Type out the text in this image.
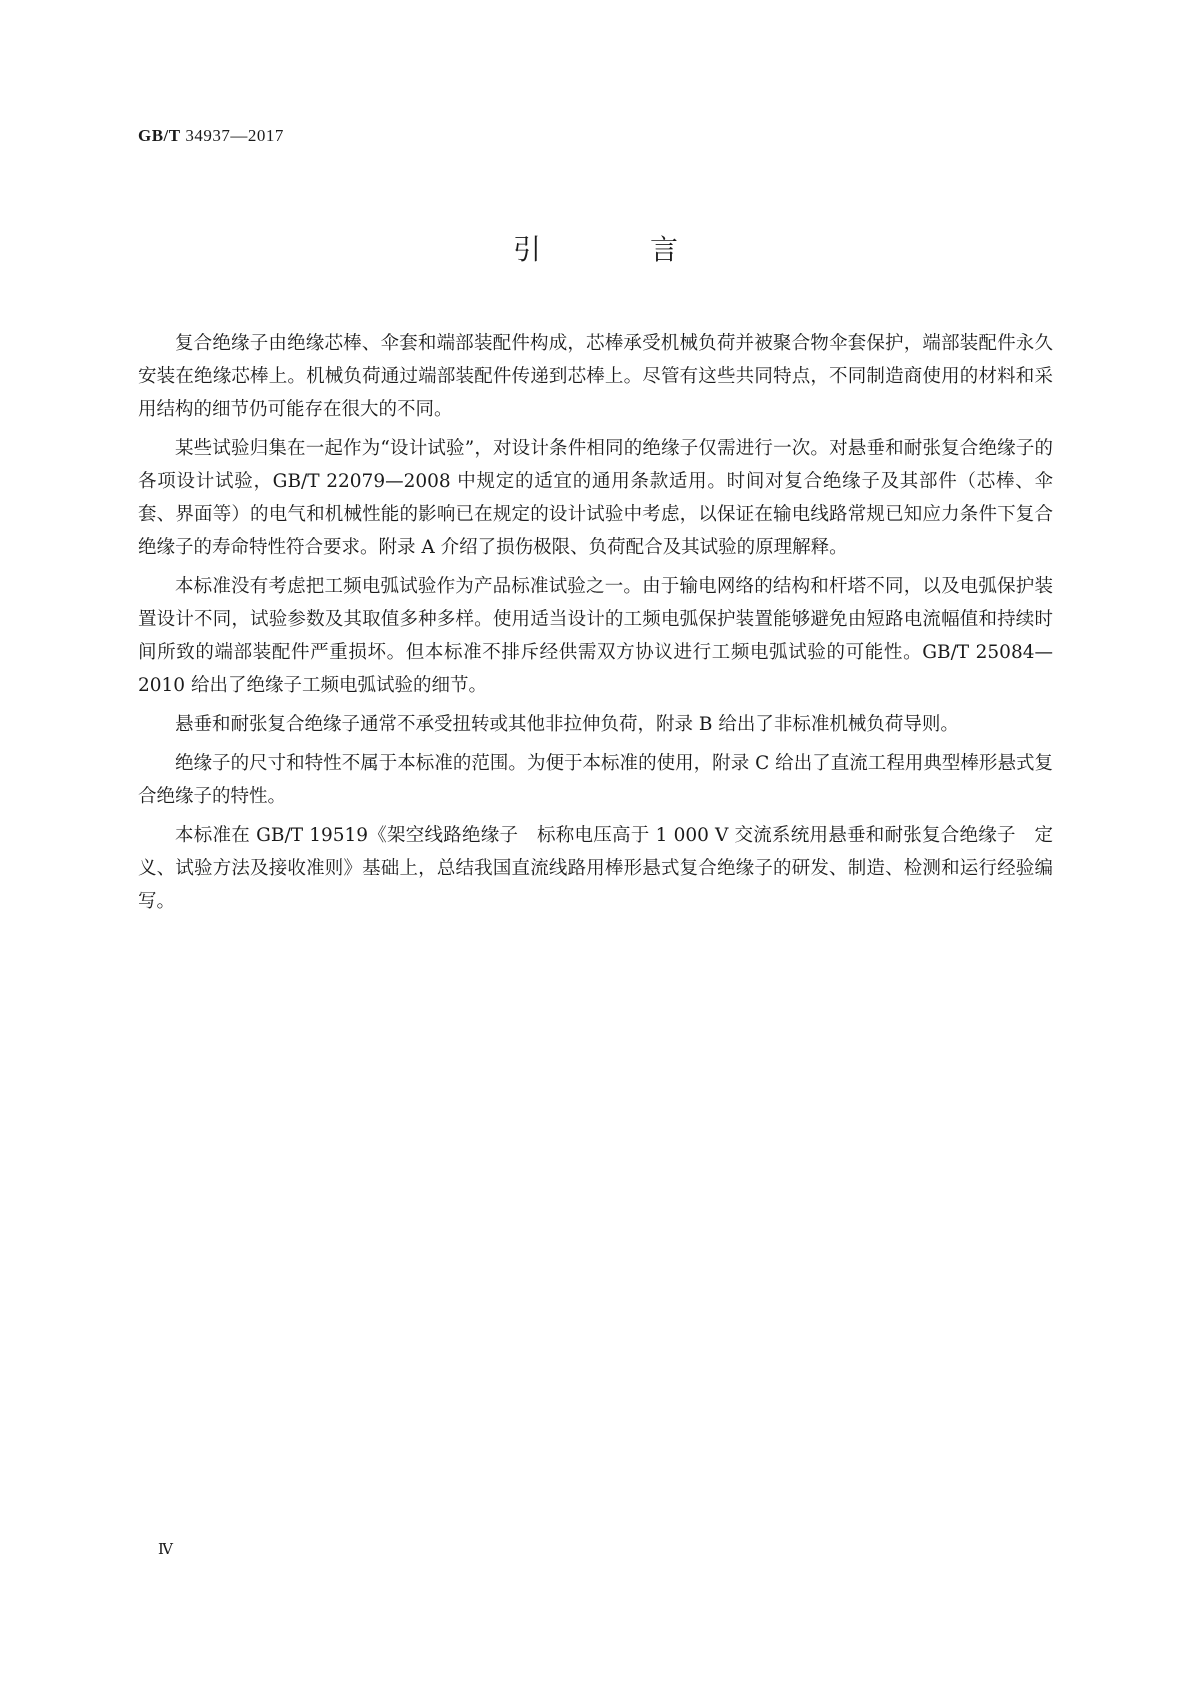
GB/T 34937—2017
引 言

复合绝缘子由绝缘芯棒、伞套和端部装配件构成，芯棒承受机械负荷并被聚合物伞套保护，端部装配件永久安装在绝缘芯棒上。机械负荷通过端部装配件传递到芯棒上。尽管有这些共同特点，不同制造商使用的材料和采用结构的细节仍可能存在很大的不同。

某些试验归集在一起作为“设计试验”，对设计条件相同的绝缘子仅需进行一次。对悬垂和耐张复合绝缘子的各项设计试验，GB/T 22079—2008 中规定的适宜的通用条款适用。时间对复合绝缘子及其部件（芯棒、伞套、界面等）的电气和机械性能的影响已在规定的设计试验中考虑，以保证在输电线路常规已知应力条件下复合绝缘子的寿命特性符合要求。附录 A 介绍了损伤极限、负荷配合及其试验的原理解释。

本标准没有考虑把工频电弧试验作为产品标准试验之一。由于输电网络的结构和杆塔不同，以及电弧保护装置设计不同，试验参数及其取值多种多样。使用适当设计的工频电弧保护装置能够避免由短路电流幅值和持续时间所致的端部装配件严重损坏。但本标准不排斥经供需双方协议进行工频电弧试验的可能性。GB/T 25084—2010 给出了绝缘子工频电弧试验的细节。

悬垂和耐张复合绝缘子通常不承受扭转或其他非拉伸负荷，附录 B 给出了非标准机械负荷导则。

绝缘子的尺寸和特性不属于本标准的范围。为便于本标准的使用，附录 C 给出了直流工程用典型棒形悬式复合绝缘子的特性。

本标准在 GB/T 19519《架空线路绝缘子　标称电压高于 1 000 V 交流系统用悬垂和耐张复合绝缘子　定义、试验方法及接收准则》基础上，总结我国直流线路用棒形悬式复合绝缘子的研发、制造、检测和运行经验编写。

Ⅳ
